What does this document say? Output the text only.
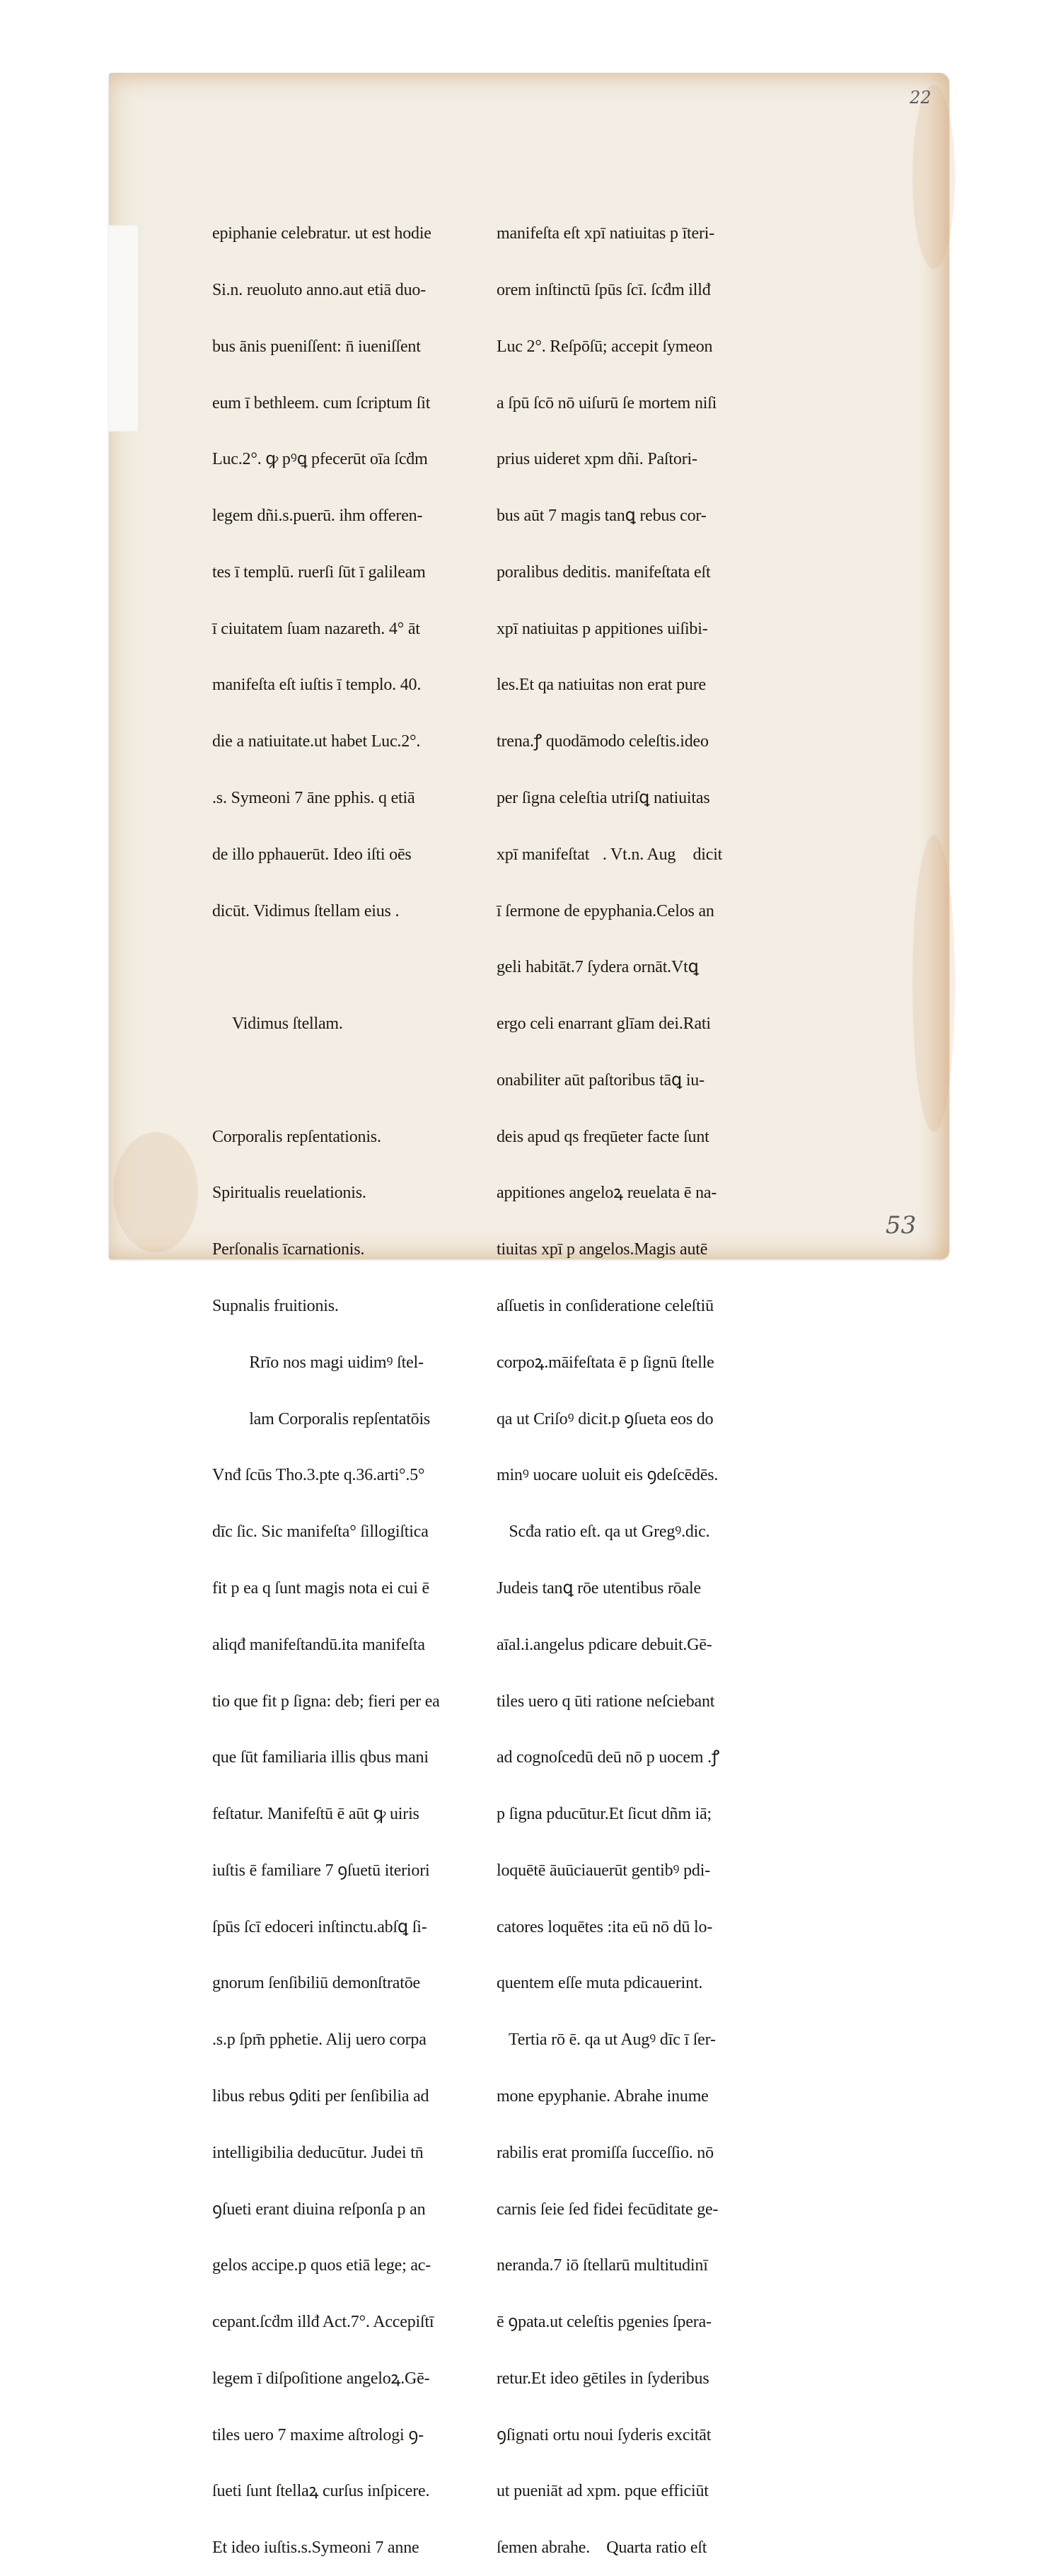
22
53

epiphanie celebratur. ut est hodie

Si.n. reuoluto anno.aut etiā duo-

bus ānis pueniſſent: n̄ iueniſſent

eum ī bethleem. cum ſcriptum ſit

Luc.2°. ꝙ pꝰꝗ pfecerūt oīa ſcḋm

legem dñi.s.puerū. ihm offeren-

tes ī templū. ruerſi ſūt ī galileam

ī ciuitatem ſuam nazareth. 4° āt

manifeſta eſt iuſtis ī templo. 40.

die a natiuitate.ut habet Luc.2°.

.s. Symeoni 7 āne pphis. q etiā

de illo pphauerūt. Ideo iſti oēs

dicūt. Vidimus ſtellam eius .

Vidimus ſtellam.

Corporalis repſentationis.

Spiritualis reuelationis.

Perſonalis īcarnationis.

Supnalis fruitionis.

Rrīo nos magi uidimꝰ ſtel-

lam Corporalis repſentatōis

Vnđ ſcūs Tho.3.pte q.36.arti°.5°

dīc ſic. Sic manifeſta° ſillogiſtica

fit p ea q ſunt magis nota ei cui ē

aliqđ manifeſtandū.ita manifeſta

tio que fit p ſigna: deb; fieri per ea

que ſūt familiaria illis qbus mani

feſtatur. Manifeſtū ē aūt ꝙ uiris

iuſtis ē familiare 7 ꝯſuetū iteriori

ſpūs ſcī edoceri inſtinctu.abſꝗ ſi-

gnorum ſenſibiliū demonſtratōe

.s.p ſpm̄ pphetie. Alij uero corpa

libus rebus ꝯditi per ſenſibilia ad

intelligibilia deducūtur. Judei tn̄

ꝯſueti erant diuina reſponſa p an

gelos accipe.p quos etiā lege; ac-

cepant.ſcḋm illđ Act.7°. Accepiſtī

legem ī diſpoſitione angeloꝝ.Gē-

tiles uero 7 maxime aſtrologi ꝯ-

ſueti ſunt ſtellaꝝ curſus inſpicere.

Et ideo iuſtis.s.Symeoni 7 anne

manifeſta eſt xpī natiuitas p īteri-

orem inſtinctū ſpūs ſcī. ſcḋm illđ

Luc 2°. Reſpōſū; accepit ſymeon

a ſpū ſcō nō uiſurū ſe mortem niſi

prius uideret xpm dñi. Paſtori-

bus aūt 7 magis tanꝗ rebus cor-

poralibus deditis. manifeſtata eſt

xpī natiuitas p appitiones uiſibi-

les.Et qa natiuitas non erat pure

trena.ꝭ quodāmodo celeſtis.ideo

per ſigna celeſtia utriſꝗ natiuitas

xpī manifeſtat᷑. Vt.n. Augꝰ dicit

ī ſermone de epyphania.Celos an

geli habitāt.7 ſydera ornāt.Vtꝗ

ergo celi enarrant glīam dei.Rati

onabiliter aūt paſtoribus tāꝗ iu-

deis apud qs freqūeter facte ſunt

appitiones angeloꝝ reuelata ē na-

tiuitas xpī p angelos.Magis autē

aſſuetis in conſideratione celeſtiū

corpoꝝ.māifeſtata ē p ſignū ſtelle

qa ut Criſoꝰ dicit.p ꝯſueta eos do

minꝰ uocare uoluit eis ꝯdeſcēdēs.

Scđa ratio eſt. qa ut Gregꝰ.dic.

Judeis tanꝗ rōe utentibus rōale

aīal.i.angelus pdicare debuit.Gē-

tiles uero q ūti ratione neſciebant

ad cognoſcedū deū nō p uocem .ꝭ

p ſigna pducūtur.Et ſicut dñm iā;

loquētē āuūciauerūt gentibꝰ pdi-

catores loquētes :ita eū nō dū lo-

quentem eſſe muta pdicauerint.

Tertia rō ē. qa ut Augꝰ dīc ī ſer-

mone epyphanie. Abrahe inume

rabilis erat promiſſa ſucceſſio. nō

carnis ſeie ſed fidei fecūditate ge-

neranda.7 iō ſtellarū multitudinī

ē ꝯpata.ut celeſtis pgenies ſpera-

retur.Et ideo gētiles in ſyderibus

ꝯſignati ortu noui ſyderis excitāt

ut pueniāt ad xpm. pque efficiūt

ſemen abrahe.    Quarta ratio eſt
